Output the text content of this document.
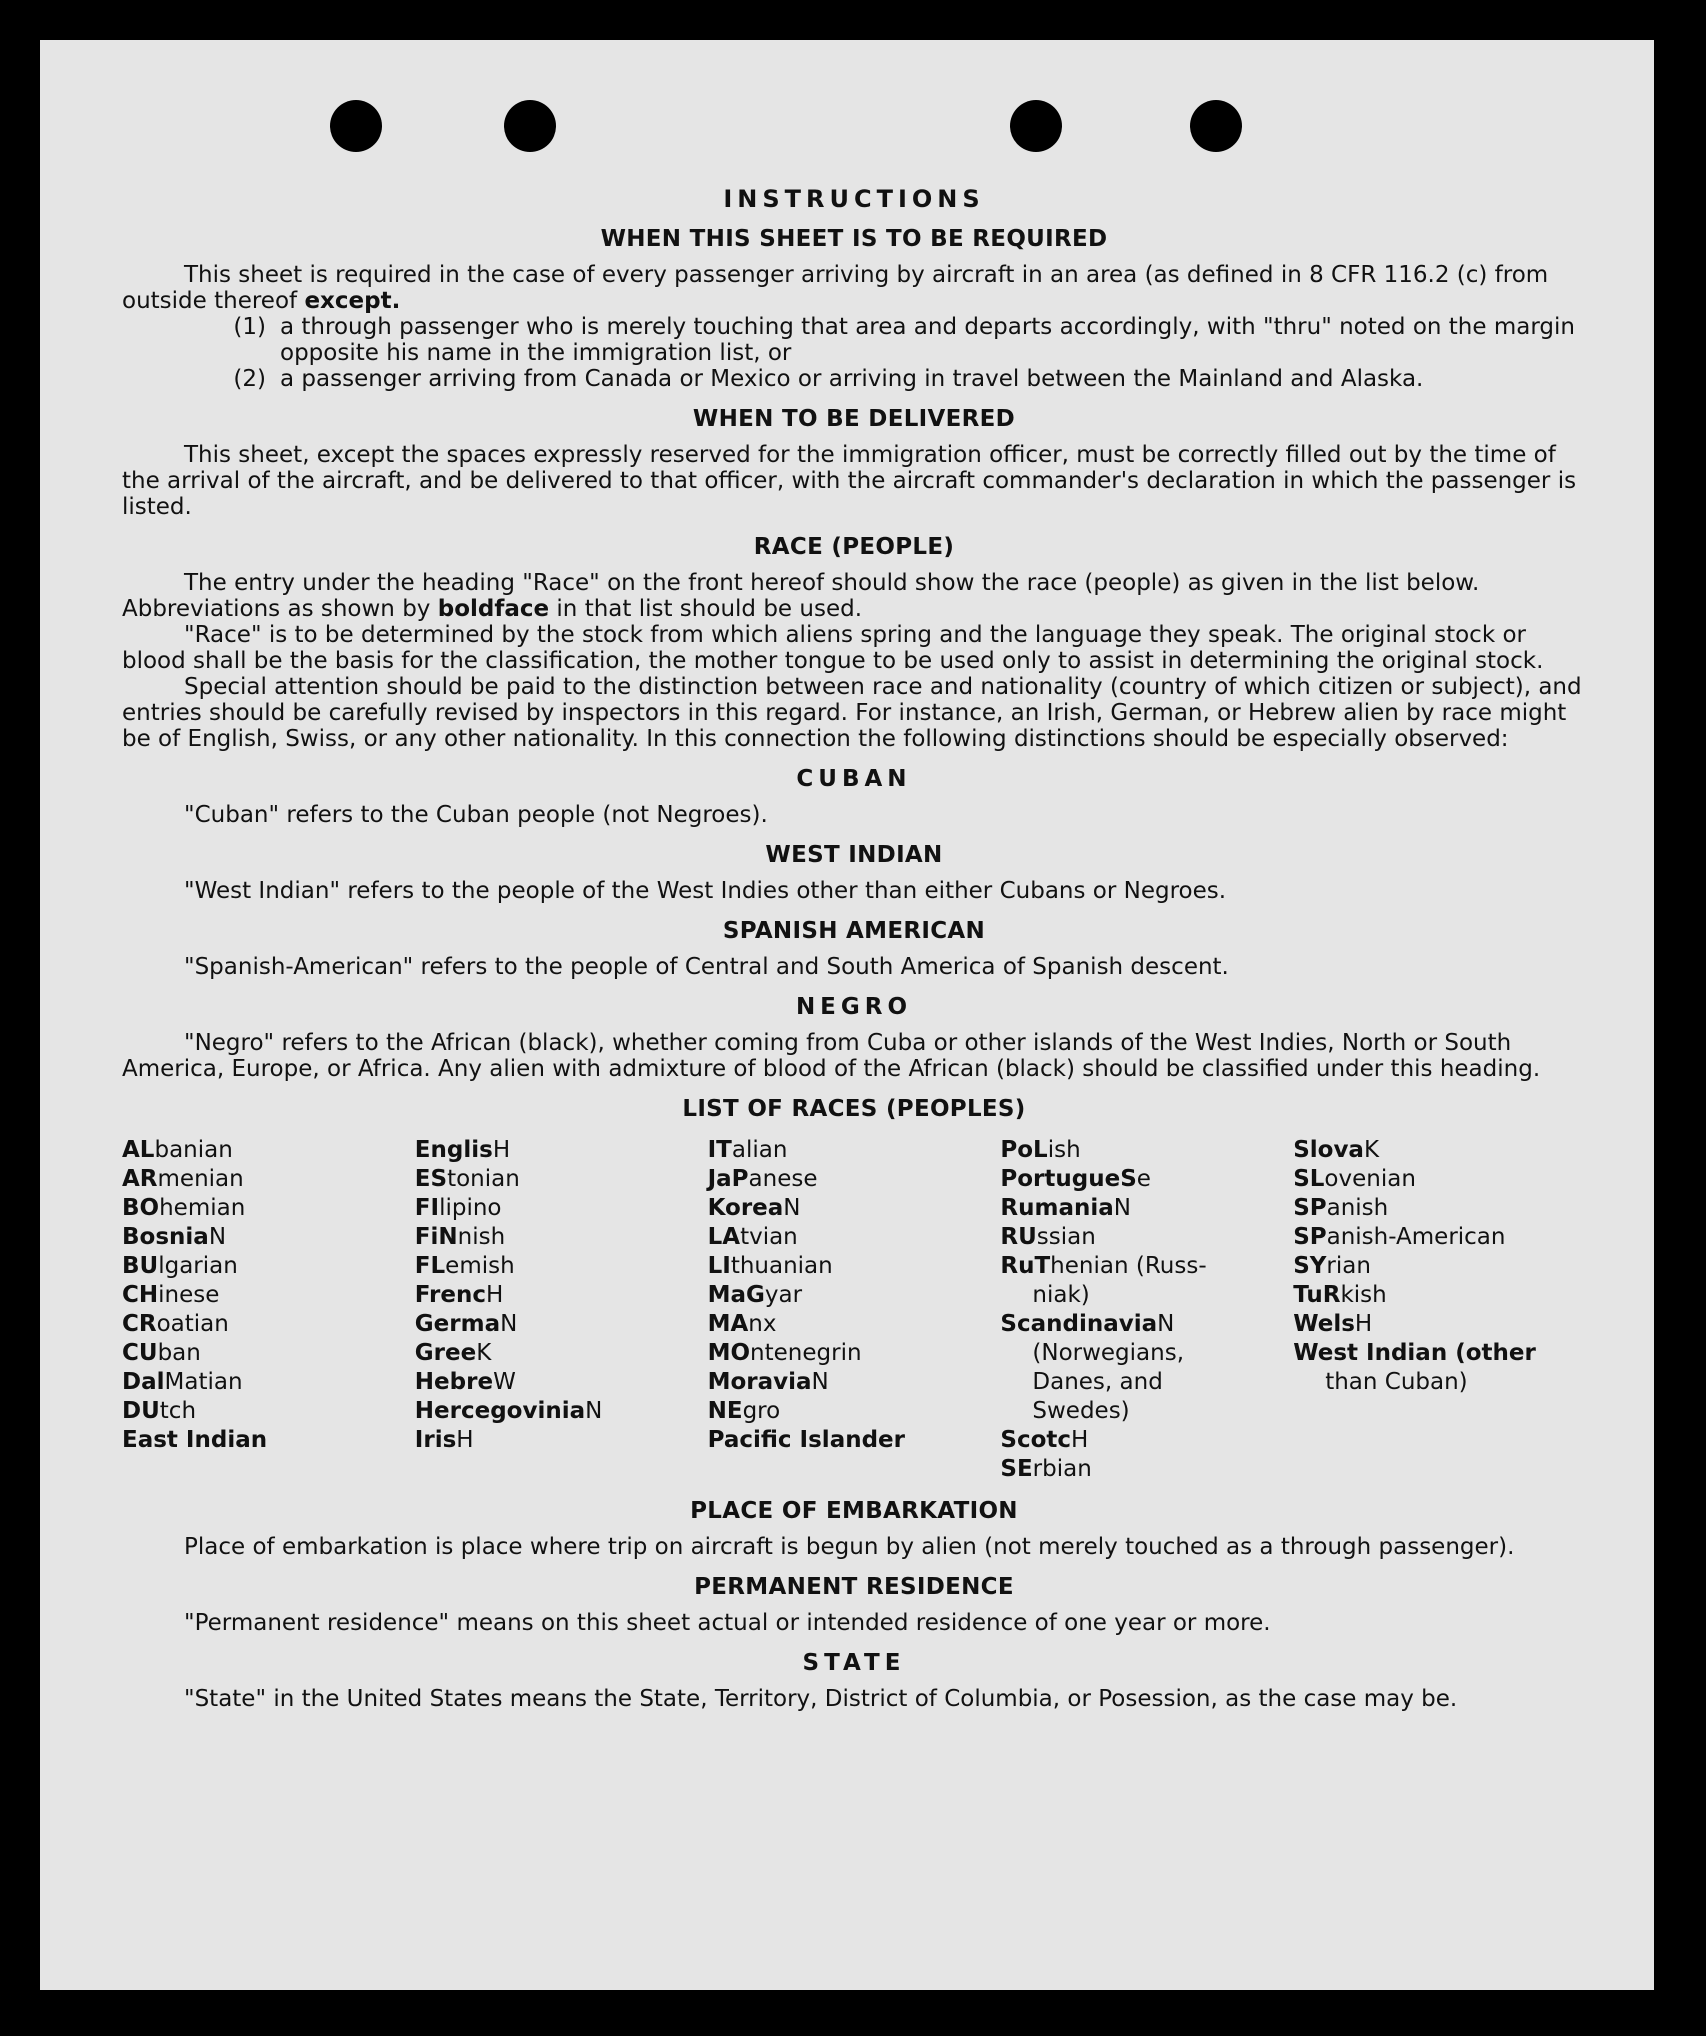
INSTRUCTIONS
WHEN THIS SHEET IS TO BE REQUIRED

This sheet is required in the case of every passenger arriving by aircraft in an area (as defined in 8 CFR 116.2 (c) from outside thereof except.

(1) a through passenger who is merely touching that area and departs accordingly, with "thru" noted on the margin opposite his name in the immigration list, or
(2) a passenger arriving from Canada or Mexico or arriving in travel between the Mainland and Alaska.
WHEN TO BE DELIVERED

This sheet, except the spaces expressly reserved for the immigration officer, must be correctly filled out by the time of the arrival of the aircraft, and be delivered to that officer, with the aircraft commander's declaration in which the passenger is listed.

RACE (PEOPLE)

The entry under the heading "Race" on the front hereof should show the race (people) as given in the list below. Abbreviations as shown by boldface in that list should be used.

"Race" is to be determined by the stock from which aliens spring and the language they speak. The original stock or blood shall be the basis for the classification, the mother tongue to be used only to assist in determining the original stock.

Special attention should be paid to the distinction between race and nationality (country of which citizen or subject), and entries should be carefully revised by inspectors in this regard. For instance, an Irish, German, or Hebrew alien by race might be of English, Swiss, or any other nationality. In this connection the following distinctions should be especially observed:

CUBAN

"Cuban" refers to the Cuban people (not Negroes).

WEST INDIAN

"West Indian" refers to the people of the West Indies other than either Cubans or Negroes.

SPANISH AMERICAN

"Spanish-American" refers to the people of Central and South America of Spanish descent.

NEGRO

"Negro" refers to the African (black), whether coming from Cuba or other islands of the West Indies, North or South America, Europe, or Africa. Any alien with admixture of blood of the African (black) should be classified under this heading.

LIST OF RACES (PEOPLES)
ALbanian
ARmenian
BOhemian
BosniaN
BUlgarian
CHinese
CRoatian
CUban
DalMatian
DUtch
East Indian
EnglisH
EStonian
FIlipino
FiNnish
FLemish
FrencH
GermaN
GreeK
HebreW
HercegoviniaN
IrisH
ITalian
JaPanese
KoreaN
LAtvian
LIthuanian
MaGyar
MAnx
MOntenegrin
MoraviaN
NEgro
Pacific Islander
PoLish
PortugueSe
RumaniaN
RUssian
RuThenian (Russ-
niak)
ScandinaviaN
(Norwegians,
Danes, and
Swedes)
ScotcH
SErbian
SlovaK
SLovenian
SPanish
SPanish-American
SYrian
TuRkish
WelsH
West Indian (other
than Cuban)
PLACE OF EMBARKATION

Place of embarkation is place where trip on aircraft is begun by alien (not merely touched as a through passenger).

PERMANENT RESIDENCE

"Permanent residence" means on this sheet actual or intended residence of one year or more.

STATE

"State" in the United States means the State, Territory, District of Columbia, or Posession, as the case may be.
